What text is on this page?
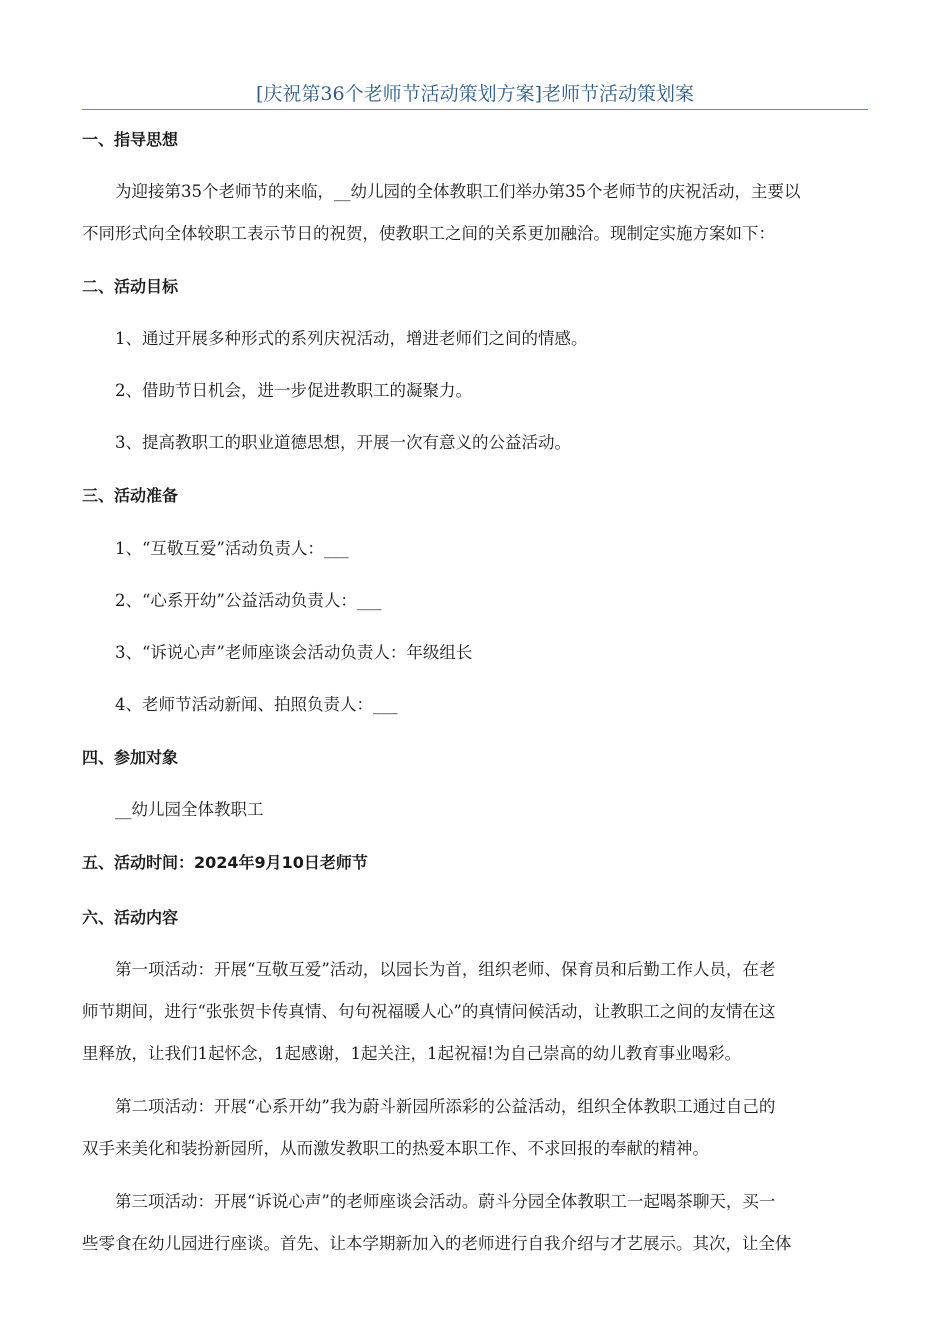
[庆祝第36个老师节活动策划方案]老师节活动策划案
一、指导思想
为迎接第35个老师节的来临，__幼儿园的全体教职工们举办第35个老师节的庆祝活动，主要以
不同形式向全体较职工表示节日的祝贺，使教职工之间的关系更加融洽。现制定实施方案如下：
二、活动目标
1、通过开展多种形式的系列庆祝活动，增进老师们之间的情感。
2、借助节日机会，进一步促进教职工的凝聚力。
3、提高教职工的职业道德思想，开展一次有意义的公益活动。
三、活动准备
1、“互敬互爱”活动负责人：___
2、“心系开幼”公益活动负责人：___
3、“诉说心声”老师座谈会活动负责人：年级组长
4、老师节活动新闻、拍照负责人：___
四、参加对象
__幼儿园全体教职工
五、活动时间：2024年9月10日老师节
六、活动内容
第一项活动：开展“互敬互爱”活动，以园长为首，组织老师、保育员和后勤工作人员，在老
师节期间，进行“张张贺卡传真情、句句祝福暖人心”的真情问候活动，让教职工之间的友情在这
里释放，让我们1起怀念，1起感谢，1起关注，1起祝福!为自己崇高的幼儿教育事业喝彩。
第二项活动：开展“心系开幼”我为蔚斗新园所添彩的公益活动，组织全体教职工通过自己的
双手来美化和装扮新园所，从而激发教职工的热爱本职工作、不求回报的奉献的精神。
第三项活动：开展“诉说心声”的老师座谈会活动。蔚斗分园全体教职工一起喝茶聊天，买一
些零食在幼儿园进行座谈。首先、让本学期新加入的老师进行自我介绍与才艺展示。其次，让全体
